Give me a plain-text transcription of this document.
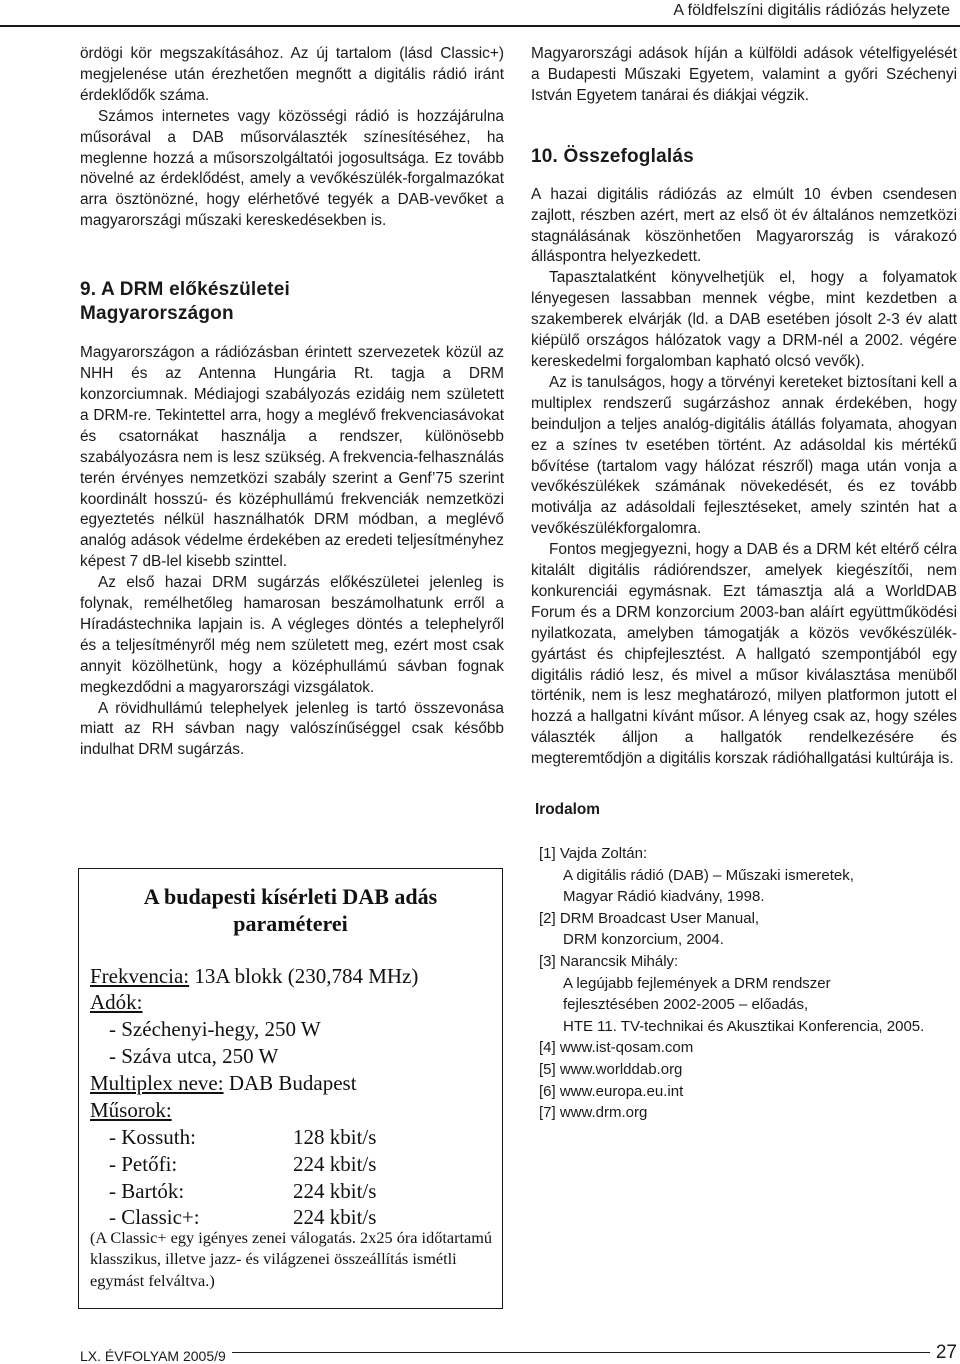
A földfelszíni digitális rádiózás helyzete

ördögi kör megszakításához. Az új tartalom (lásd Classic+) megjelenése után érezhetően megnőtt a digitális rádió iránt érdeklődők száma.

Számos internetes vagy közösségi rádió is hozzájárulna műsorával a DAB műsorválaszték színesítéséhez, ha meglenne hozzá a műsorszolgáltatói jogosultsága. Ez tovább növelné az érdeklődést, amely a vevőkészülék-forgalmazókat arra ösztönözné, hogy elérhetővé tegyék a DAB-vevőket a magyarországi műszaki kereskedésekben is.

9. A DRM előkészületei
Magyarországon

Magyarországon a rádiózásban érintett szervezetek közül az NHH és az Antenna Hungária Rt. tagja a DRM konzorciumnak. Médiajogi szabályozás ezidáig nem született a DRM-re. Tekintettel arra, hogy a meglévő frekvenciasávokat és csatornákat használja a rendszer, különösebb szabályozásra nem is lesz szükség. A frekvencia-felhasználás terén érvényes nemzetközi szabály szerint a Genf’75 szerint koordinált hosszú- és középhullámú frekvenciák nemzetközi egyeztetés nélkül használhatók DRM módban, a meglévő analóg adások védelme érdekében az eredeti teljesítményhez képest 7 dB-lel kisebb szinttel.

Az első hazai DRM sugárzás előkészületei jelenleg is folynak, remélhetőleg hamarosan beszámolhatunk erről a Híradástechnika lapjain is. A végleges döntés a telephelyről és a teljesítményről még nem született meg, ezért most csak annyit közölhetünk, hogy a középhullámú sávban fognak megkezdődni a magyarországi vizsgálatok.

A rövidhullámú telephelyek jelenleg is tartó összevonása miatt az RH sávban nagy valószínűséggel csak később indulhat DRM sugárzás.

A budapesti kísérleti DAB adás
paraméterei
Frekvencia: 13A blokk (230,784 MHz)
Adók:
- Széchenyi-hegy, 250 W
- Száva utca, 250 W
Multiplex neve: DAB Budapest
Műsorok:
- Kossuth:	128 kbit/s
- Petőfi:	224 kbit/s
- Bartók:	224 kbit/s
- Classic+:	224 kbit/s
(A Classic+ egy igényes zenei válogatás. 2x25 óra időtartamú klasszikus, illetve jazz- és világzenei összeállítás ismétli egymást felváltva.)

Magyarországi adások híján a külföldi adások vételfigyelését a Budapesti Műszaki Egyetem, valamint a győri Széchenyi István Egyetem tanárai és diákjai végzik.

10. Összefoglalás

A hazai digitális rádiózás az elmúlt 10 évben csendesen zajlott, részben azért, mert az első öt év általános nemzetközi stagnálásának köszönhetően Magyarország is várakozó álláspontra helyezkedett.

Tapasztalatként könyvelhetjük el, hogy a folyamatok lényegesen lassabban mennek végbe, mint kezdetben a szakemberek elvárják (ld. a DAB esetében jósolt 2-3 év alatt kiépülő országos hálózatok vagy a DRM-nél a 2002. végére kereskedelmi forgalomban kapható olcsó vevők).

Az is tanulságos, hogy a törvényi kereteket biztosítani kell a multiplex rendszerű sugárzáshoz annak érdekében, hogy beinduljon a teljes analóg-digitális átállás folyamata, ahogyan ez a színes tv esetében történt. Az adásoldal kis mértékű bővítése (tartalom vagy hálózat részről) maga után vonja a vevőkészülékek számának növekedését, és ez tovább motiválja az adásoldali fejlesztéseket, amely szintén hat a vevőkészülékforgalomra.

Fontos megjegyezni, hogy a DAB és a DRM két eltérő célra kitalált digitális rádiórendszer, amelyek kiegészítői, nem konkurenciái egymásnak. Ezt támasztja alá a WorldDAB Forum és a DRM konzorcium 2003-ban aláírt együttműködési nyilatkozata, amelyben támogatják a közös vevőkészülék-gyártást és chipfejlesztést. A hallgató szempontjából egy digitális rádió lesz, és mivel a műsor kiválasztása menüből történik, nem is lesz meghatározó, milyen platformon jutott el hozzá a hallgatni kívánt műsor. A lényeg csak az, hogy széles választék álljon a hallgatók rendelkezésére és megteremtődjön a digitális korszak rádióhallgatási kultúrája is.

Irodalom
[1] Vajda Zoltán:
A digitális rádió (DAB) – Műszaki ismeretek,
Magyar Rádió kiadvány, 1998.
[2] DRM Broadcast User Manual,
DRM konzorcium, 2004.
[3] Narancsik Mihály:
A legújabb fejlemények a DRM rendszer
fejlesztésében 2002-2005 – előadás,
HTE 11. TV-technikai és Akusztikai Konferencia, 2005.
[4] www.ist-qosam.com
[5] www.worlddab.org
[6] www.europa.eu.int
[7] www.drm.org
LX. ÉVFOLYAM 2005/9	27
